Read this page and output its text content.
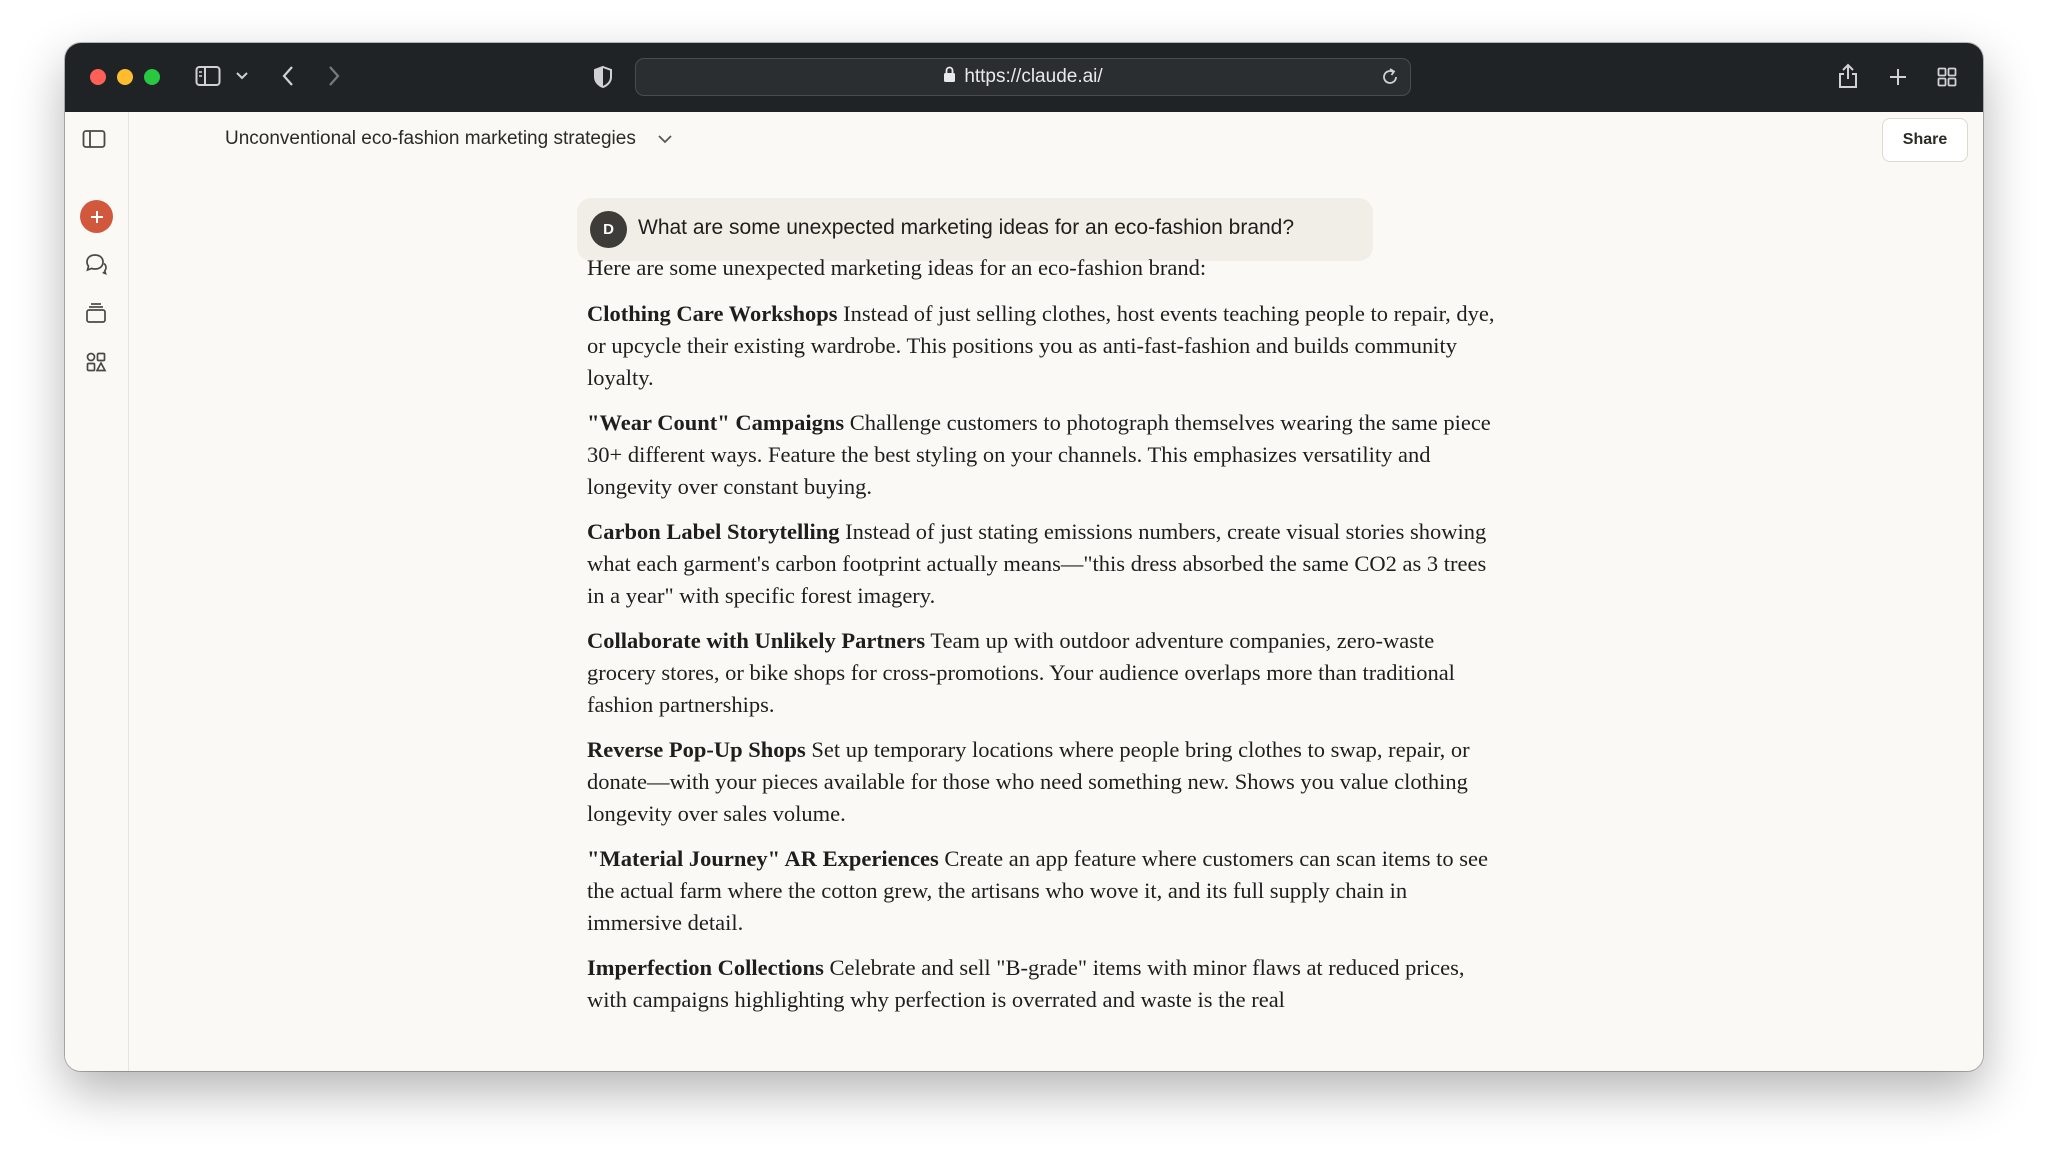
https://claude.ai/
Unconventional eco-fashion marketing strategies	Share
D	What are some unexpected marketing ideas for an eco-fashion brand?

Here are some unexpected marketing ideas for an eco-fashion brand:

Clothing Care Workshops Instead of just selling clothes, host events teaching people to repair, dye, or upcycle their existing wardrobe. This positions you as anti-fast-fashion and builds community loyalty.

"Wear Count" Campaigns Challenge customers to photograph themselves wearing the same piece 30+ different ways. Feature the best styling on your channels. This emphasizes versatility and longevity over constant buying.

Carbon Label Storytelling Instead of just stating emissions numbers, create visual stories showing what each garment's carbon footprint actually means—"this dress absorbed the same CO2 as 3 trees in a year" with specific forest imagery.

Collaborate with Unlikely Partners Team up with outdoor adventure companies, zero-waste grocery stores, or bike shops for cross-promotions. Your audience overlaps more than traditional fashion partnerships.

Reverse Pop-Up Shops Set up temporary locations where people bring clothes to swap, repair, or donate—with your pieces available for those who need something new. Shows you value clothing longevity over sales volume.

"Material Journey" AR Experiences Create an app feature where customers can scan items to see the actual farm where the cotton grew, the artisans who wove it, and its full supply chain in immersive detail.

Imperfection Collections Celebrate and sell "B-grade" items with minor flaws at reduced prices, with campaigns highlighting why perfection is overrated and waste is the real
